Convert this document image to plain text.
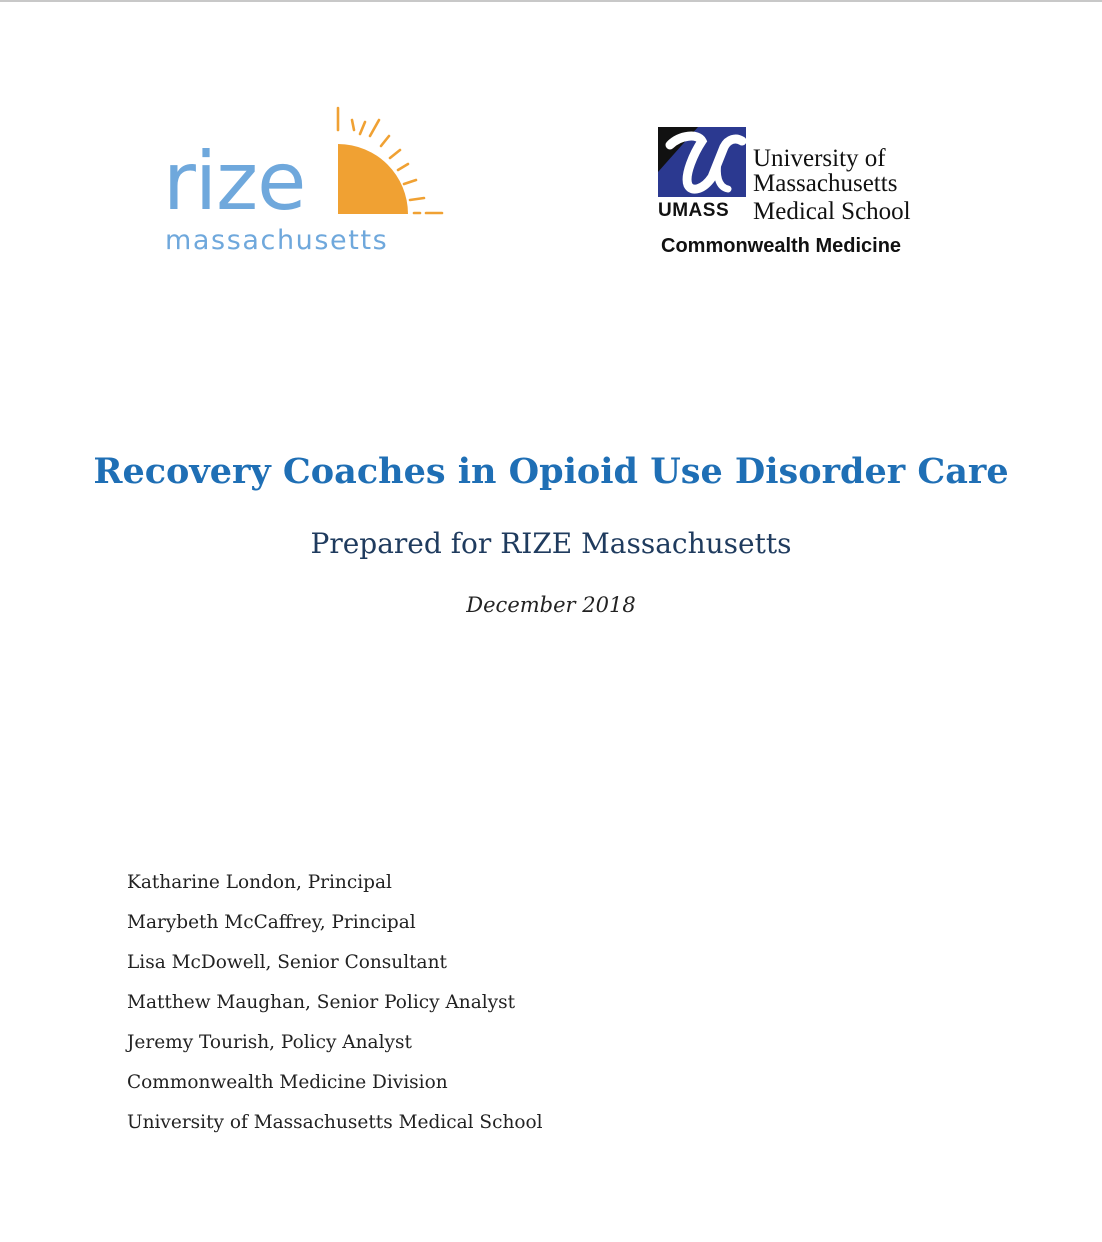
rize
massachusetts
UMASS
University of
Massachusetts
Medical School
Commonwealth Medicine
Recovery Coaches in Opioid Use Disorder Care
Prepared for RIZE Massachusetts
December 2018
Katharine London, Principal
Marybeth McCaffrey, Principal
Lisa McDowell, Senior Consultant
Matthew Maughan, Senior Policy Analyst
Jeremy Tourish, Policy Analyst
Commonwealth Medicine Division
University of Massachusetts Medical School
